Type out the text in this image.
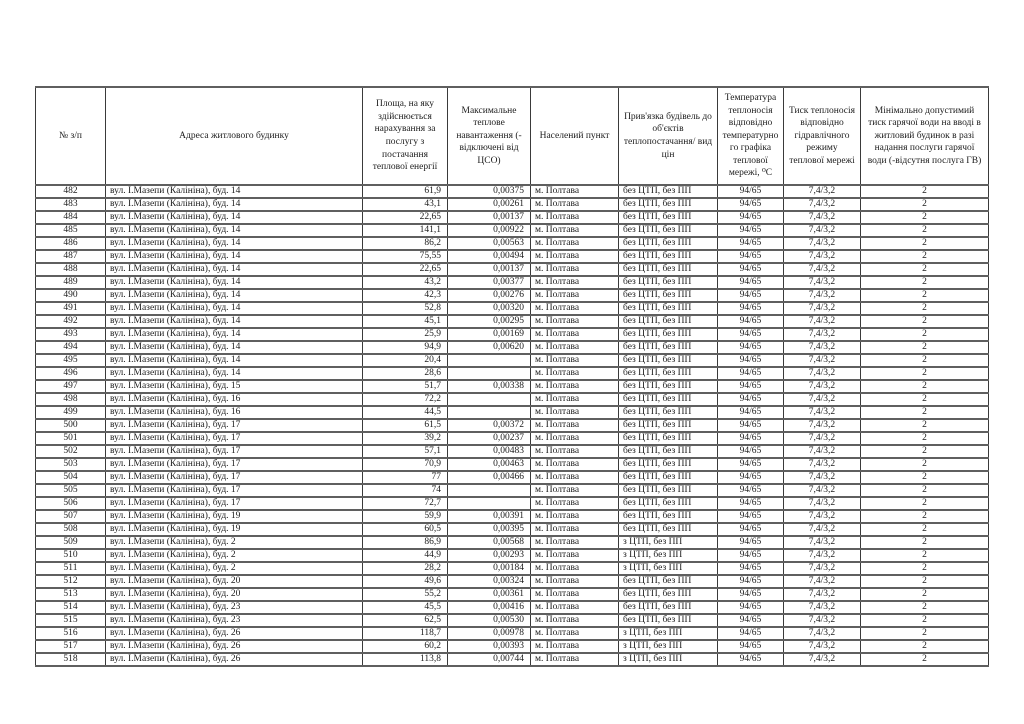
№ з/п	Адреса житлового будинку	Площа, на яку здійснюється нарахування за послугу з постачання теплової енергії	Максимальне теплове навантаження (-відключені від ЦСО)	Населений пункт	Прив'язка будівель до об'єктів теплопостачання/ вид цін	Температура теплоносія відповідно температурного графіка теплової мережі, ⁰С	Тиск теплоносія відповідно гідравлічного режиму теплової мережі	Мінімально допустимий тиск гарячої води на вводі в житловий будинок в разі надання послуги гарячої води (-відсутня послуга ГВ)
482	вул. І.Мазепи (Калініна), буд. 14	61,9	0,00375	м. Полтава	без ЦТП, без ПП	94/65	7,4/3,2	2
483	вул. І.Мазепи (Калініна), буд. 14	43,1	0,00261	м. Полтава	без ЦТП, без ПП	94/65	7,4/3,2	2
484	вул. І.Мазепи (Калініна), буд. 14	22,65	0,00137	м. Полтава	без ЦТП, без ПП	94/65	7,4/3,2	2
485	вул. І.Мазепи (Калініна), буд. 14	141,1	0,00922	м. Полтава	без ЦТП, без ПП	94/65	7,4/3,2	2
486	вул. І.Мазепи (Калініна), буд. 14	86,2	0,00563	м. Полтава	без ЦТП, без ПП	94/65	7,4/3,2	2
487	вул. І.Мазепи (Калініна), буд. 14	75,55	0,00494	м. Полтава	без ЦТП, без ПП	94/65	7,4/3,2	2
488	вул. І.Мазепи (Калініна), буд. 14	22,65	0,00137	м. Полтава	без ЦТП, без ПП	94/65	7,4/3,2	2
489	вул. І.Мазепи (Калініна), буд. 14	43,2	0,00377	м. Полтава	без ЦТП, без ПП	94/65	7,4/3,2	2
490	вул. І.Мазепи (Калініна), буд. 14	42,3	0,00276	м. Полтава	без ЦТП, без ПП	94/65	7,4/3,2	2
491	вул. І.Мазепи (Калініна), буд. 14	52,8	0,00320	м. Полтава	без ЦТП, без ПП	94/65	7,4/3,2	2
492	вул. І.Мазепи (Калініна), буд. 14	45,1	0,00295	м. Полтава	без ЦТП, без ПП	94/65	7,4/3,2	2
493	вул. І.Мазепи (Калініна), буд. 14	25,9	0,00169	м. Полтава	без ЦТП, без ПП	94/65	7,4/3,2	2
494	вул. І.Мазепи (Калініна), буд. 14	94,9	0,00620	м. Полтава	без ЦТП, без ПП	94/65	7,4/3,2	2
495	вул. І.Мазепи (Калініна), буд. 14	20,4		м. Полтава	без ЦТП, без ПП	94/65	7,4/3,2	2
496	вул. І.Мазепи (Калініна), буд. 14	28,6		м. Полтава	без ЦТП, без ПП	94/65	7,4/3,2	2
497	вул. І.Мазепи (Калініна), буд. 15	51,7	0,00338	м. Полтава	без ЦТП, без ПП	94/65	7,4/3,2	2
498	вул. І.Мазепи (Калініна), буд. 16	72,2		м. Полтава	без ЦТП, без ПП	94/65	7,4/3,2	2
499	вул. І.Мазепи (Калініна), буд. 16	44,5		м. Полтава	без ЦТП, без ПП	94/65	7,4/3,2	2
500	вул. І.Мазепи (Калініна), буд. 17	61,5	0,00372	м. Полтава	без ЦТП, без ПП	94/65	7,4/3,2	2
501	вул. І.Мазепи (Калініна), буд. 17	39,2	0,00237	м. Полтава	без ЦТП, без ПП	94/65	7,4/3,2	2
502	вул. І.Мазепи (Калініна), буд. 17	57,1	0,00483	м. Полтава	без ЦТП, без ПП	94/65	7,4/3,2	2
503	вул. І.Мазепи (Калініна), буд. 17	70,9	0,00463	м. Полтава	без ЦТП, без ПП	94/65	7,4/3,2	2
504	вул. І.Мазепи (Калініна), буд. 17	77	0,00466	м. Полтава	без ЦТП, без ПП	94/65	7,4/3,2	2
505	вул. І.Мазепи (Калініна), буд. 17	74		м. Полтава	без ЦТП, без ПП	94/65	7,4/3,2	2
506	вул. І.Мазепи (Калініна), буд. 17	72,7		м. Полтава	без ЦТП, без ПП	94/65	7,4/3,2	2
507	вул. І.Мазепи (Калініна), буд. 19	59,9	0,00391	м. Полтава	без ЦТП, без ПП	94/65	7,4/3,2	2
508	вул. І.Мазепи (Калініна), буд. 19	60,5	0,00395	м. Полтава	без ЦТП, без ПП	94/65	7,4/3,2	2
509	вул. І.Мазепи (Калініна), буд. 2	86,9	0,00568	м. Полтава	з ЦТП, без ПП	94/65	7,4/3,2	2
510	вул. І.Мазепи (Калініна), буд. 2	44,9	0,00293	м. Полтава	з ЦТП, без ПП	94/65	7,4/3,2	2
511	вул. І.Мазепи (Калініна), буд. 2	28,2	0,00184	м. Полтава	з ЦТП, без ПП	94/65	7,4/3,2	2
512	вул. І.Мазепи (Калініна), буд. 20	49,6	0,00324	м. Полтава	без ЦТП, без ПП	94/65	7,4/3,2	2
513	вул. І.Мазепи (Калініна), буд. 20	55,2	0,00361	м. Полтава	без ЦТП, без ПП	94/65	7,4/3,2	2
514	вул. І.Мазепи (Калініна), буд. 23	45,5	0,00416	м. Полтава	без ЦТП, без ПП	94/65	7,4/3,2	2
515	вул. І.Мазепи (Калініна), буд. 23	62,5	0,00530	м. Полтава	без ЦТП, без ПП	94/65	7,4/3,2	2
516	вул. І.Мазепи (Калініна), буд. 26	118,7	0,00978	м. Полтава	з ЦТП, без ПП	94/65	7,4/3,2	2
517	вул. І.Мазепи (Калініна), буд. 26	60,2	0,00393	м. Полтава	з ЦТП, без ПП	94/65	7,4/3,2	2
518	вул. І.Мазепи (Калініна), буд. 26	113,8	0,00744	м. Полтава	з ЦТП, без ПП	94/65	7,4/3,2	2
